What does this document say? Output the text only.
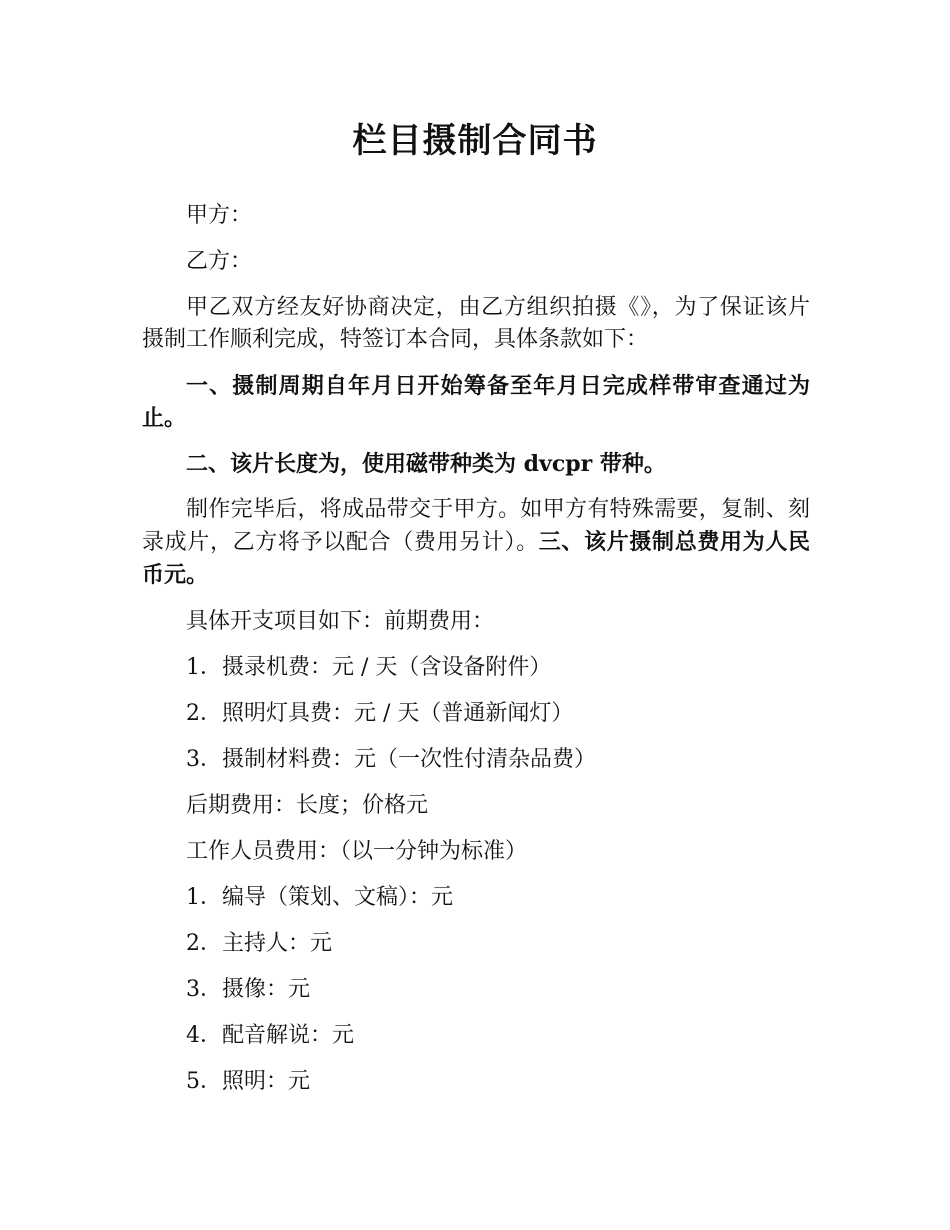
栏目摄制合同书

甲方：

乙方：

甲乙双方经友好协商决定，由乙方组织拍摄《》，为了保证该片摄制工作顺利完成，特签订本合同，具体条款如下：

一、摄制周期自年月日开始筹备至年月日完成样带审查通过为止。

二、该片长度为，使用磁带种类为 dvcpr 带种。

制作完毕后，将成品带交于甲方。如甲方有特殊需要，复制、刻录成片，乙方将予以配合（费用另计）。三、该片摄制总费用为人民币元。

具体开支项目如下：前期费用：

1．摄录机费：元 / 天（含设备附件）

2．照明灯具费：元 / 天（普通新闻灯）

3．摄制材料费：元（一次性付清杂品费）

后期费用：长度；价格元

工作人员费用：（以一分钟为标准）

1．编导（策划、文稿）：元

2．主持人：元

3．摄像：元

4．配音解说：元

5．照明：元
